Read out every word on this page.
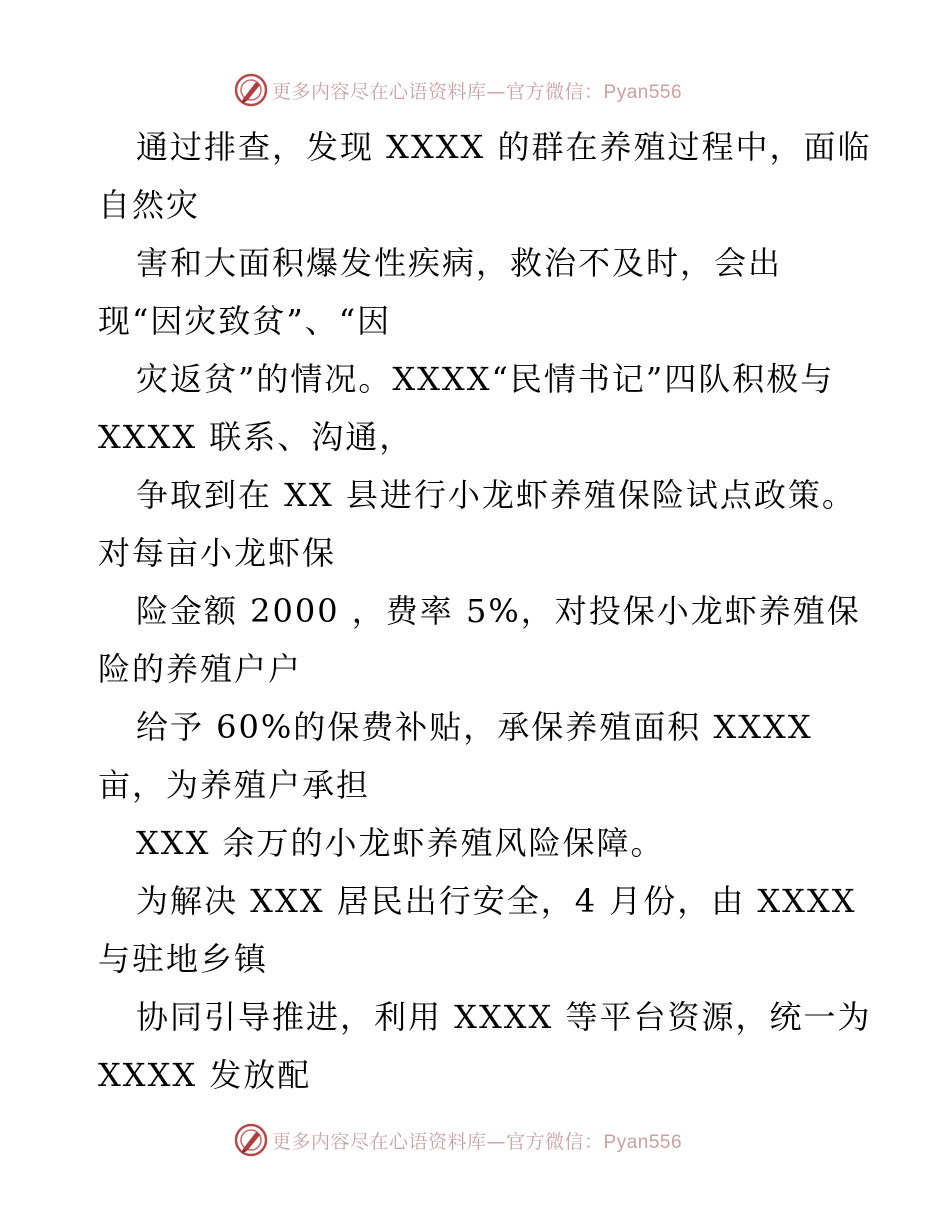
更多内容尽在心语资料库—官方微信：Pyan556
通过排查，发现 XXXX 的群在养殖过程中，面临
自然灾
害和大面积爆发性疾病，救治不及时，会出
现“因灾致贫”、“因
灾返贫”的情况。XXXX“民情书记”四队积极与
XXXX 联系、沟通，
争取到在 XX 县进行小龙虾养殖保险试点政策。
对每亩小龙虾保
险金额 2000 ，费率 5%，对投保小龙虾养殖保
险的养殖户户
给予 60%的保费补贴，承保养殖面积 XXXX
亩，为养殖户承担
XXX 余万的小龙虾养殖风险保障。
为解决 XXX 居民出行安全，4 月份，由 XXXX
与驻地乡镇
协同引导推进，利用 XXXX 等平台资源，统一为
XXXX 发放配
更多内容尽在心语资料库—官方微信：Pyan556
